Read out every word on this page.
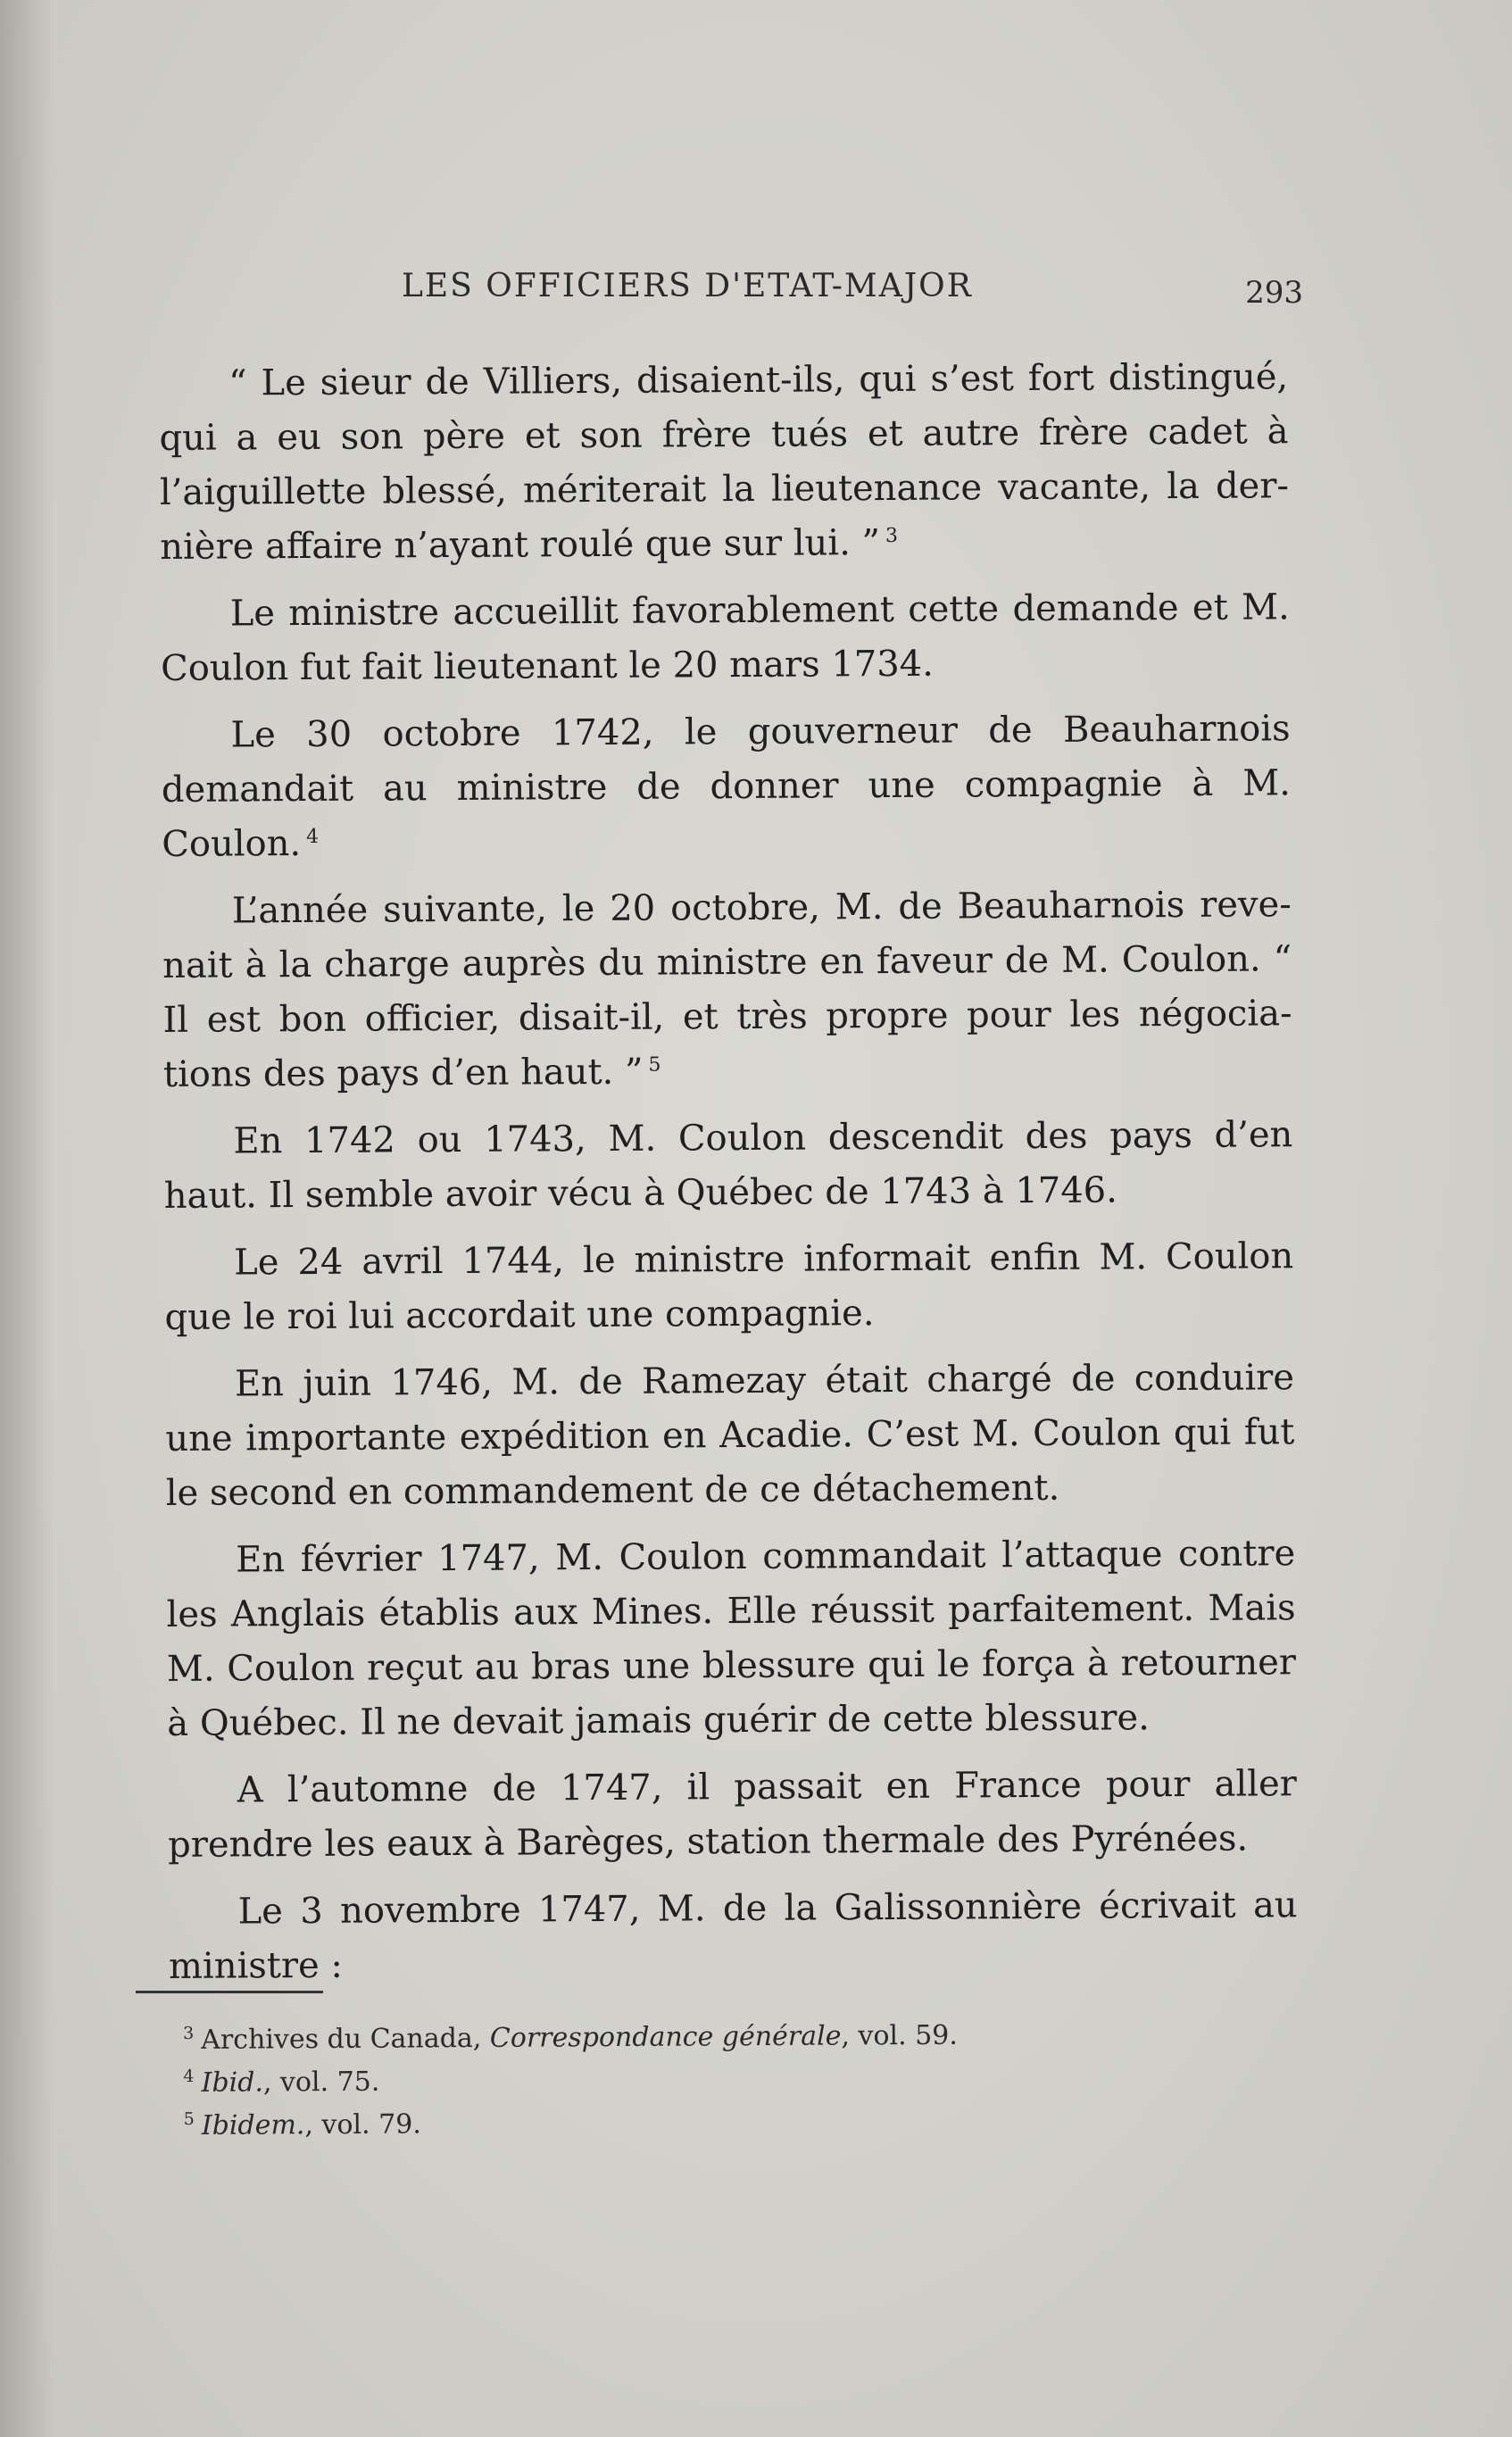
LES OFFICIERS D'ETAT-MAJOR	293

“ Le sieur de Villiers, disaient-ils, qui s’est fort distingué, qui a eu son père et son frère tués et autre frère cadet à l’aiguillette blessé, mériterait la lieutenance vacante, la dernière affaire n’ayant roulé que sur lui. ” $^3$

Le ministre accueillit favorablement cette demande et M. Coulon fut fait lieutenant le 20 mars 1734.

Le 30 octobre 1742, le gouverneur de Beauharnois demandait au ministre de donner une compagnie à M. Coulon. $^4$

L’année suivante, le 20 octobre, M. de Beauharnois revenait à la charge auprès du ministre en faveur de M. Coulon. “ Il est bon officier, disait-il, et très propre pour les négociations des pays d’en haut. ” $^5$

En 1742 ou 1743, M. Coulon descendit des pays d’en haut. Il semble avoir vécu à Québec de 1743 à 1746.

Le 24 avril 1744, le ministre informait enfin M. Coulon que le roi lui accordait une compagnie.

En juin 1746, M. de Ramezay était chargé de conduire une importante expédition en Acadie. C’est M. Coulon qui fut le second en commandement de ce détachement.

En février 1747, M. Coulon commandait l’attaque contre les Anglais établis aux Mines. Elle réussit parfaitement. Mais M. Coulon reçut au bras une blessure qui le força à retourner à Québec. Il ne devait jamais guérir de cette blessure.

A l’automne de 1747, il passait en France pour aller prendre les eaux à Barèges, station thermale des Pyrénées.

Le 3 novembre 1747, M. de la Galissonnière écrivait au ministre :

$^3$ Archives du Canada, Correspondance générale, vol. 59.
$^4$ Ibid., vol. 75.
$^5$ Ibidem., vol. 79.
